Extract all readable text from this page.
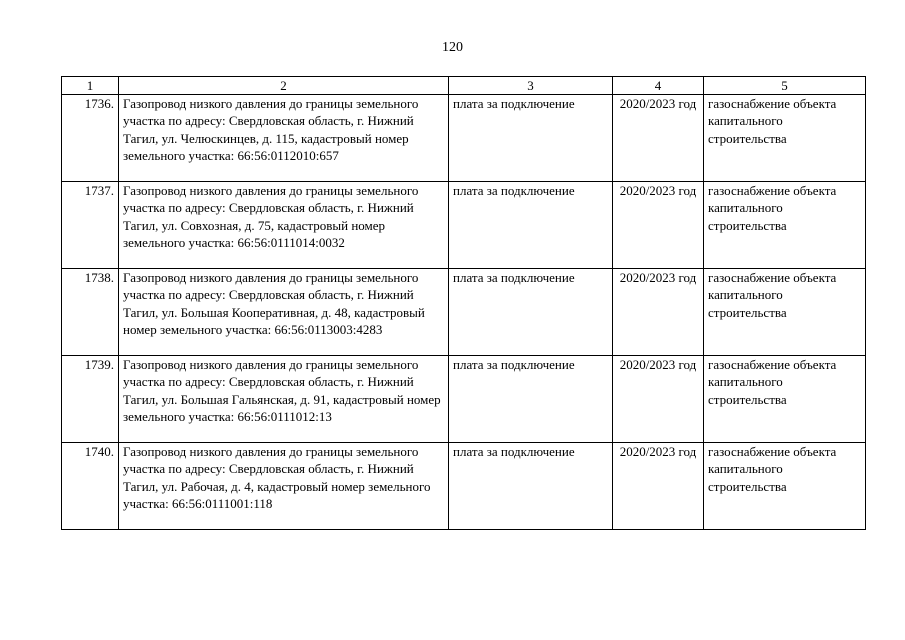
120
1	2	3	4	5
1736.	Газопровод низкого давления до границы земельного участка по адресу: Свердловская область, г. Нижний Тагил, ул. Челюскинцев, д. 115, кадастровый номер земельного участка: 66:56:0112010:657	плата за подключение	2020/2023 год	газоснабжение объекта капитального строительства
1737.	Газопровод низкого давления до границы земельного участка по адресу: Свердловская область, г. Нижний Тагил, ул. Совхозная, д. 75, кадастровый номер земельного участка: 66:56:0111014:0032	плата за подключение	2020/2023 год	газоснабжение объекта капитального строительства
1738.	Газопровод низкого давления до границы земельного участка по адресу: Свердловская область, г. Нижний Тагил, ул. Большая Кооперативная, д. 48, кадастровый номер земельного участка: 66:56:0113003:4283	плата за подключение	2020/2023 год	газоснабжение объекта капитального строительства
1739.	Газопровод низкого давления до границы земельного участка по адресу: Свердловская область, г. Нижний Тагил, ул. Большая Гальянская, д. 91, кадастровый номер земельного участка: 66:56:0111012:13	плата за подключение	2020/2023 год	газоснабжение объекта капитального строительства
1740.	Газопровод низкого давления до границы земельного участка по адресу: Свердловская область, г. Нижний Тагил, ул. Рабочая, д. 4, кадастровый номер земельного участка: 66:56:0111001:118	плата за подключение	2020/2023 год	газоснабжение объекта капитального строительства
